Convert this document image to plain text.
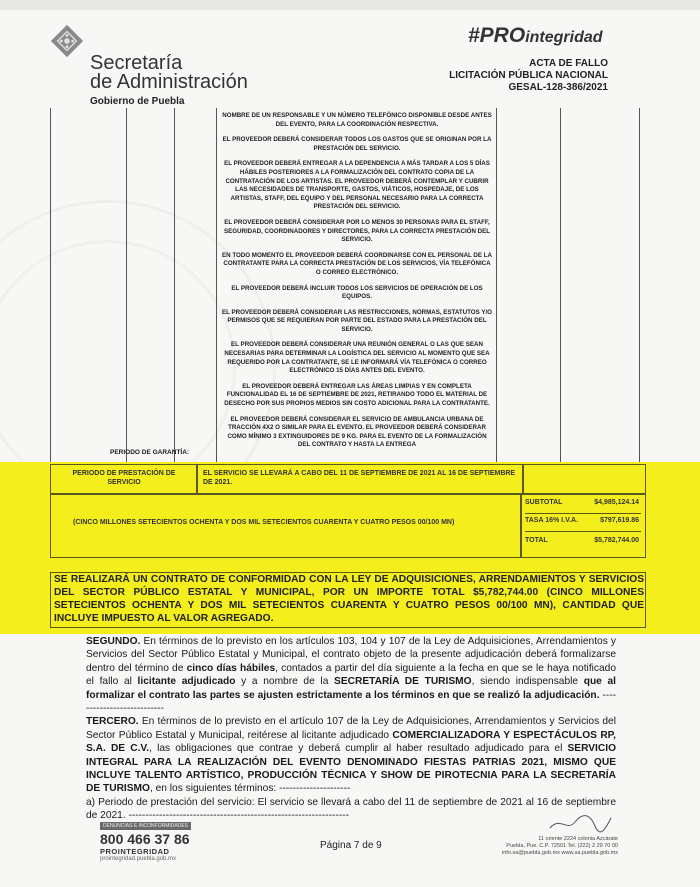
Secretaría
de Administración
Gobierno de Puebla
#PROintegridad
ACTA DE FALLO
LICITACIÓN PÚBLICA NACIONAL
GESAL-128-386/2021

NOMBRE DE UN RESPONSABLE Y UN NÚMERO TELEFÓNICO DISPONIBLE DESDE ANTES DEL EVENTO, PARA LA COORDINACIÓN RESPECTIVA.

EL PROVEEDOR DEBERÁ CONSIDERAR TODOS LOS GASTOS QUE SE ORIGINAN POR LA PRESTACIÓN DEL SERVICIO.

EL PROVEEDOR DEBERÁ ENTREGAR A LA DEPENDENCIA A MÁS TARDAR A LOS 5 DÍAS HÁBILES POSTERIORES A LA FORMALIZACIÓN DEL CONTRATO COPIA DE LA CONTRATACIÓN DE LOS ARTISTAS. EL PROVEEDOR DEBERÁ CONTEMPLAR Y CUBRIR LAS NECESIDADES DE TRANSPORTE, GASTOS, VIÁTICOS, HOSPEDAJE, DE LOS ARTISTAS, STAFF, DEL EQUIPO Y DEL PERSONAL NECESARIO PARA LA CORRECTA PRESTACIÓN DEL SERVICIO.

EL PROVEEDOR DEBERÁ CONSIDERAR POR LO MENOS 30 PERSONAS PARA EL STAFF, SEGURIDAD, COORDINADORES Y DIRECTORES, PARA LA CORRECTA PRESTACIÓN DEL SERVICIO.

EN TODO MOMENTO EL PROVEEDOR DEBERÁ COORDINARSE CON EL PERSONAL DE LA CONTRATANTE PARA LA CORRECTA PRESTACIÓN DE LOS SERVICIOS, VÍA TELEFÓNICA O CORREO ELECTRÓNICO.

EL PROVEEDOR DEBERÁ INCLUIR TODOS LOS SERVICIOS DE OPERACIÓN DE LOS EQUIPOS.

EL PROVEEDOR DEBERÁ CONSIDERAR LAS RESTRICCIONES, NORMAS, ESTATUTOS Y/O PERMISOS QUE SE REQUIERAN POR PARTE DEL ESTADO PARA LA PRESTACIÓN DEL SERVICIO.

EL PROVEEDOR DEBERÁ CONSIDERAR UNA REUNIÓN GENERAL O LAS QUE SEAN NECESARIAS PARA DETERMINAR LA LOGÍSTICA DEL SERVICIO AL MOMENTO QUE SEA REQUERIDO POR LA CONTRATANTE, SE LE INFORMARÁ VÍA TELEFÓNICA O CORREO ELECTRÓNICO 15 DÍAS ANTES DEL EVENTO.

EL PROVEEDOR DEBERÁ ENTREGAR LAS ÁREAS LIMPIAS Y EN COMPLETA FUNCIONALIDAD EL 16 DE SEPTIEMBRE DE 2021, RETIRANDO TODO EL MATERIAL DE DESECHO POR SUS PROPIOS MEDIOS SIN COSTO ADICIONAL PARA LA CONTRATANTE.

EL PROVEEDOR DEBERÁ CONSIDERAR EL SERVICIO DE AMBULANCIA URBANA DE TRACCIÓN 4X2 O SIMILAR PARA EL EVENTO. EL PROVEEDOR DEBERÁ CONSIDERAR COMO MÍNIMO 3 EXTINGUIDORES DE 9 KG. PARA EL EVENTO DE LA FORMALIZACIÓN DEL CONTRATO Y HASTA LA ENTREGA

PERIODO DE GARANTÍA:
PERIODO DE PRESTACIÓN DE SERVICIO
EL SERVICIO SE LLEVARÁ A CABO DEL 11 DE SEPTIEMBRE DE 2021 AL 16 DE SEPTIEMBRE DE 2021.
(CINCO MILLONES SETECIENTOS OCHENTA Y DOS MIL SETECIENTOS CUARENTA Y CUATRO PESOS 00/100 MN)
SUBTOTAL	$4,985,124.14
TASA 16% I.V.A.	$797,619.86
TOTAL	$5,782,744.00
SE REALIZARÁ UN CONTRATO DE CONFORMIDAD CON LA LEY DE ADQUISICIONES, ARRENDAMIENTOS Y SERVICIOS DEL SECTOR PÚBLICO ESTATAL Y MUNICIPAL, POR UN IMPORTE TOTAL $5,782,744.00 (CINCO MILLONES SETECIENTOS OCHENTA Y DOS MIL SETECIENTOS CUARENTA Y CUATRO PESOS 00/100 MN), CANTIDAD QUE INCLUYE IMPUESTO AL VALOR AGREGADO.

SEGUNDO. En términos de lo previsto en los artículos 103, 104 y 107 de la Ley de Adquisiciones, Arrendamientos y Servicios del Sector Público Estatal y Municipal, el contrato objeto de la presente adjudicación deberá formalizarse dentro del término de cinco días hábiles, contados a partir del día siguiente a la fecha en que se le haya notificado el fallo al licitante adjudicado y a nombre de la SECRETARÍA DE TURISMO, siendo indispensable que al formalizar el contrato las partes se ajusten estrictamente a los términos en que se realizó la adjudicación. ---------------------------

TERCERO. En términos de lo previsto en el artículo 107 de la Ley de Adquisiciones, Arrendamientos y Servicios del Sector Público Estatal y Municipal, reitérese al licitante adjudicado COMERCIALIZADORA Y ESPECTÁCULOS RP, S.A. DE C.V., las obligaciones que contrae y deberá cumplir al haber resultado adjudicado para el SERVICIO INTEGRAL PARA LA REALIZACIÓN DEL EVENTO DENOMINADO FIESTAS PATRIAS 2021, MISMO QUE INCLUYE TALENTO ARTÍSTICO, PRODUCCIÓN TÉCNICA Y SHOW DE PIROTECNIA PARA LA SECRETARÍA DE TURISMO, en los siguientes términos: ---------------------

a) Periodo de prestación del servicio: El servicio se llevará a cabo del 11 de septiembre de 2021 al 16 de septiembre de 2021. -----------------------------------------------------------------

DENUNCIAS E INCONFORMIDADES
800 466 37 86
PROINTEGRIDAD
prointegridad.puebla.gob.mx
Página 7 de 9
11 oriente 2224 colonia Azcárate
Puebla, Pue. C.P. 72501 Tel. (222) 2 29 70 00
info.sa@puebla.gob.mx www.sa.puebla.gob.mx
